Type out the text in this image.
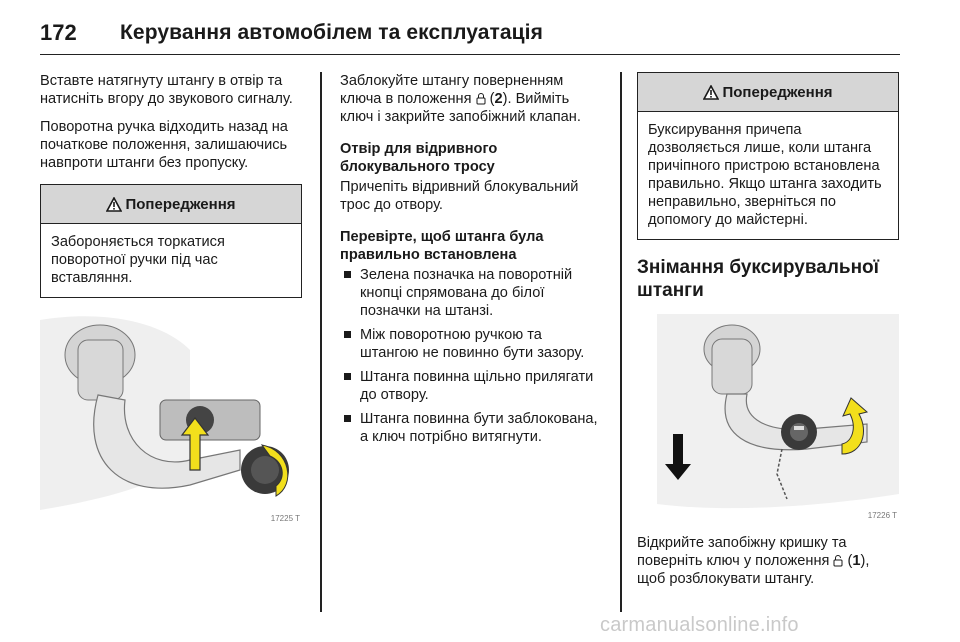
172 Керування автомобілем та експлуатація

Вставте натягнуту штангу в отвір та натисніть вгору до звукового сигналу.

Поворотна ручка відходить назад на початкове положення, залишаючись навпроти штанги без пропуску.

Попередження

Забороняється торкатися поворотної ручки під час вставляння.

17225 T

Заблокуйте штангу поверненням ключа в положення  (2). Вийміть ключ і закрийте запобіжний клапан.

Отвір для відривного блокувального тросу

Причепіть відривний блокувальний трос до отвору.

Перевірте, щоб штанга була правильно встановлена
Зелена позначка на поворотній кнопці спрямована до білої позначки на штанзі.
Між поворотною ручкою та штангою не повинно бути зазору.
Штанга повинна щільно прилягати до отвору.
Штанга повинна бути заблокована, а ключ потрібно витягнути.
Попередження

Буксирування причепа дозволяється лише, коли штанга причіпного пристрою встановлена правильно. Якщо штанга заходить неправильно, зверніться по допомогу до майстерні.

Знімання буксирувальної штанги
17226 T

Відкрийте запобіжну кришку та поверніть ключ у положення  (1), щоб розблокувати штангу.

carmanualsonline.info
